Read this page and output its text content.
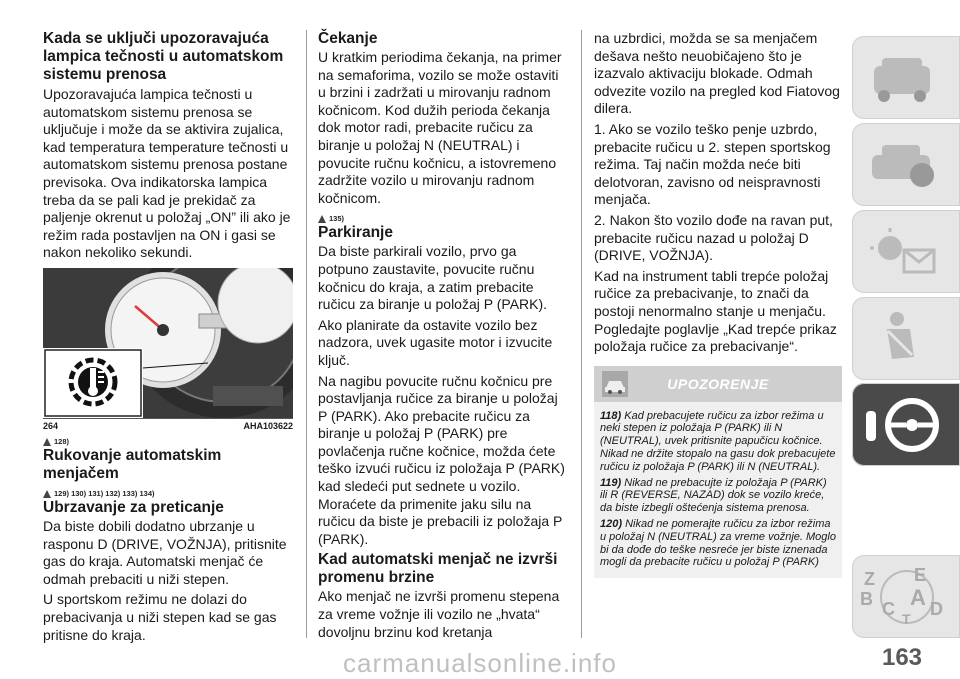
Kada se uključi upozoravajuća lampica tečnosti u automatskom sistemu prenosa

Upozoravajuća lampica tečnosti u automatskom sistemu prenosa se uključuje i može da se aktivira zujalica, kad temperatura temperature tečnosti u automatskom sistemu prenosa postane previsoka. Ova indikatorska lampica treba da se pali kad je prekidač za paljenje okrenut u položaj „ON” ili ako je režim rada postavljen na ON i gasi se nakon nekoliko sekundi.

264	AHA103622
128)
Rukovanje automatskim menjačem
129) 130) 131) 132) 133) 134)
Ubrzavanje za preticanje

Da biste dobili dodatno ubrzanje u rasponu D (DRIVE, VOŽNJA), pritisnite gas do kraja. Automatski menjač će odmah prebaciti u niži stepen.

U sportskom režimu ne dolazi do prebacivanja u niži stepen kad se gas pritisne do kraja.

Čekanje

U kratkim periodima čekanja, na primer na semaforima, vozilo se može ostaviti u brzini i zadržati u mirovanju radnom kočnicom. Kod dužih perioda čekanja dok motor radi, prebacite ručicu za biranje u položaj N (NEUTRAL) i povucite ručnu kočnicu, a istovremeno zadržite vozilo u mirovanju radnom kočnicom.

135)
Parkiranje

Da biste parkirali vozilo, prvo ga potpuno zaustavite, povucite ručnu kočnicu do kraja, a zatim prebacite ručicu za biranje u položaj P (PARK).

Ako planirate da ostavite vozilo bez nadzora, uvek ugasite motor i izvucite ključ.

Na nagibu povucite ručnu kočnicu pre postavljanja ručice za biranje u položaj P (PARK). Ako prebacite ručicu za biranje u položaj P (PARK) pre povlačenja ručne kočnice, možda ćete teško izvući ručicu iz položaja P (PARK) kad sledeći put sednete u vozilo. Moraćete da primenite jaku silu na ručicu da biste je prebacili iz položaja P (PARK).

Kad automatski menjač ne izvrši promenu brzine

Ako menjač ne izvrši promenu stepena za vreme vožnje ili vozilo ne „hvata“ dovoljnu brzinu kod kretanja

na uzbrdici, možda se sa menjačem dešava nešto neuobičajeno što je izazvalo aktivaciju blokade. Odmah odvezite vozilo na pregled kod Fiatovog dilera.

1. Ako se vozilo teško penje uzbrdo, prebacite ručicu u 2. stepen sportskog režima. Taj način možda neće biti delotvoran, zavisno od neispravnosti menjača.

2. Nakon što vozilo dođe na ravan put, prebacite ručicu nazad u položaj D (DRIVE, VOŽNJA).

Kad na instrument tabli trepće položaj ručice za prebacivanje, to znači da postoji nenormalno stanje u menjaču. Pogledajte poglavlje „Kad trepće prikaz položaja ručice za prebacivanje“.

UPOZORENJE

118) Kad prebacujete ručicu za izbor režima u neki stepen iz položaja P (PARK) ili N (NEUTRAL), uvek pritisnite papučicu kočnice. Nikad ne držite stopalo na gasu dok prebacujete ručicu iz položaja P (PARK) ili N (NEUTRAL).

119) Nikad ne prebacujte iz položaja P (PARK) ili R (REVERSE, NAZAD) dok se vozilo kreće, da biste izbegli oštećenja sistema prenosa.

120) Nikad ne pomerajte ručicu za izbor režima u položaj N (NEUTRAL) za vreme vožnje. Moglo bi da dođe do teške nesreće jer biste iznenada mogli da prebacite ručicu u položaj P (PARK)

Z E
B C A D
T
163
carmanualsonline.info
